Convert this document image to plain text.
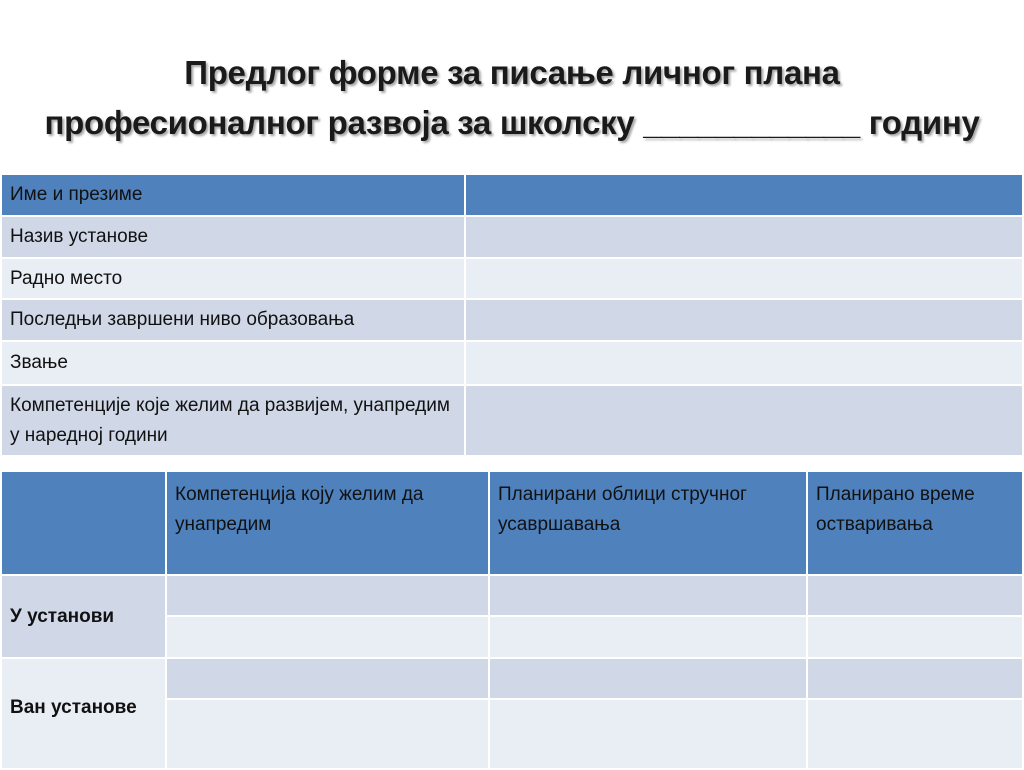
Предлог форме за писање личног плана
професионалног развоја за школску ____________ годину
Име и презиме	
Назив установе	
Радно место	
Последњи завршени ниво образовања	
Звање	
Компетенције које желим да развијем, унапредим у наредној години	
	Компетенција коју желим да унапредим	Планирани облици стручног усавршавања	Планирано време остваривања
У установи			

Ван установе			
